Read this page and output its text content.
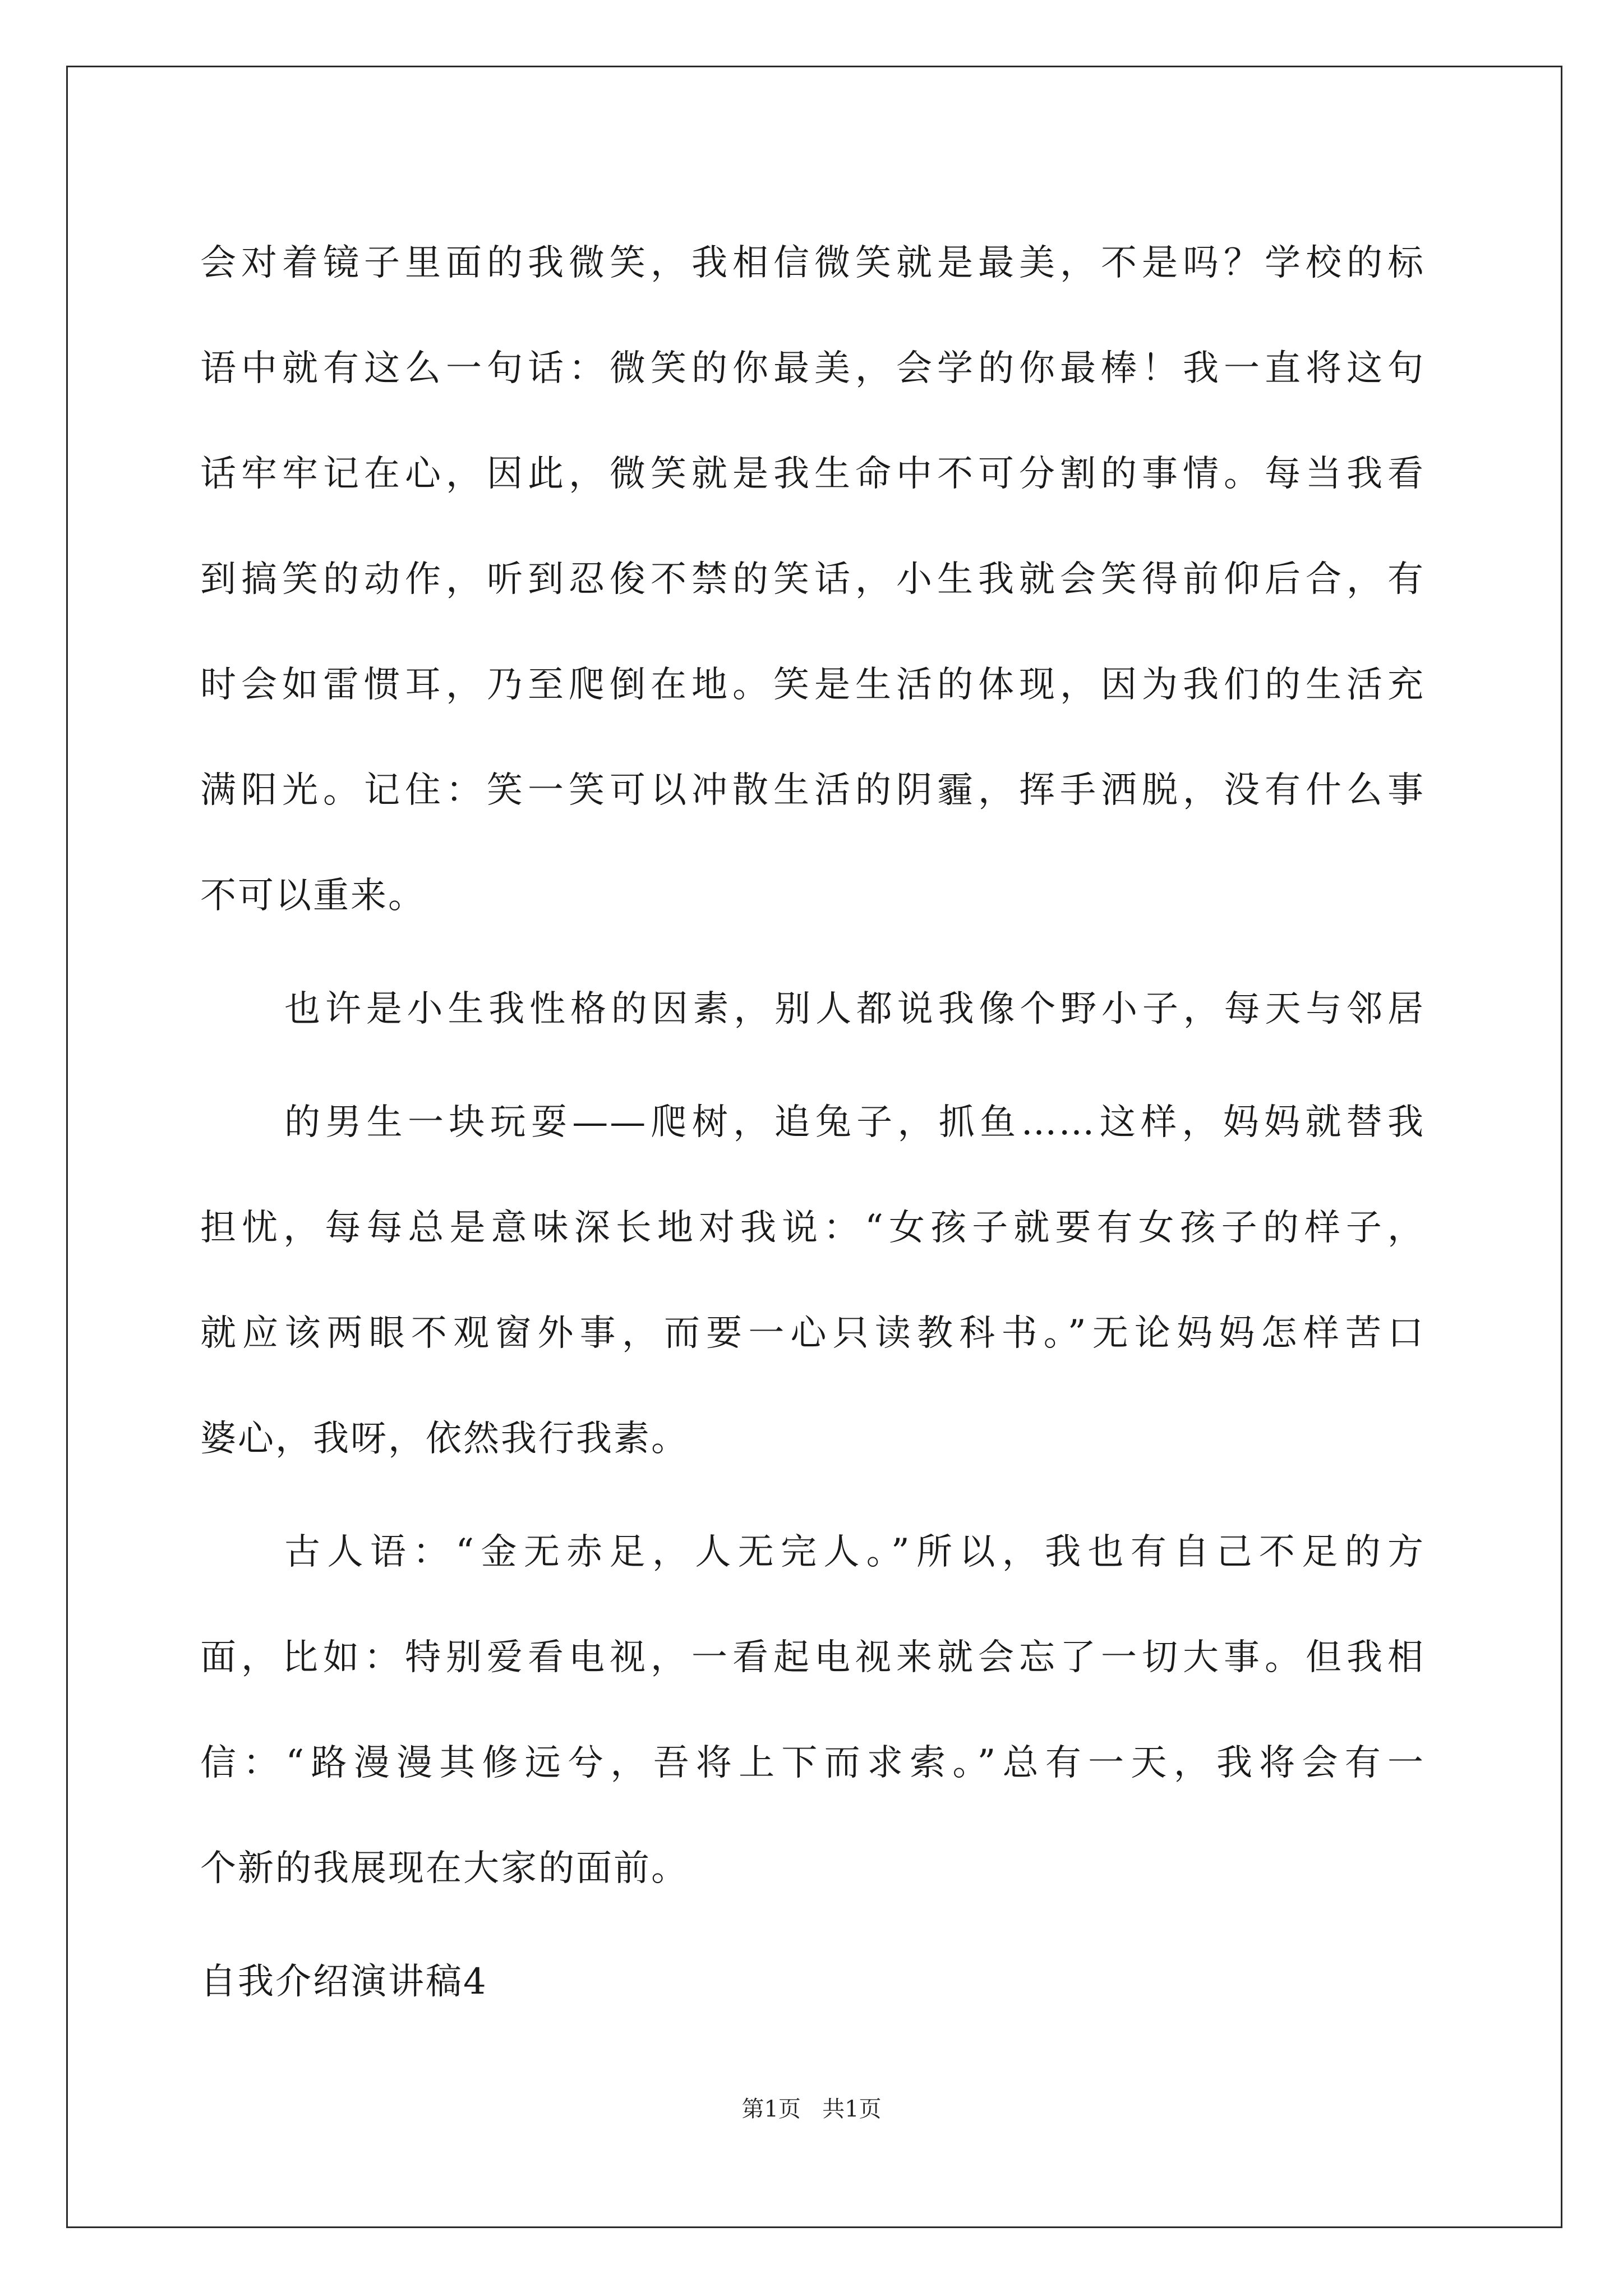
会对着镜子里面的我微笑，我相信微笑就是最美，不是吗？学校的标
语中就有这么一句话：微笑的你最美，会学的你最棒！我一直将这句
话牢牢记在心，因此，微笑就是我生命中不可分割的事情。每当我看
到搞笑的动作，听到忍俊不禁的笑话，小生我就会笑得前仰后合，有
时会如雷惯耳，乃至爬倒在地。笑是生活的体现，因为我们的生活充
满阳光。记住：笑一笑可以冲散生活的阴霾，挥手洒脱，没有什么事
不可以重来。
也许是小生我性格的因素，别人都说我像个野小子，每天与邻居
的男生一块玩耍——爬树，追兔子，抓鱼……这样，妈妈就替我
担忧，每每总是意味深长地对我说：“女孩子就要有女孩子的样子，
就应该两眼不观窗外事，而要一心只读教科书。”无论妈妈怎样苦口
婆心，我呀，依然我行我素。
古人语：“金无赤足，人无完人。”所以，我也有自己不足的方
面，比如：特别爱看电视，一看起电视来就会忘了一切大事。但我相
信：“路漫漫其修远兮，吾将上下而求索。”总有一天，我将会有一
个新的我展现在大家的面前。
自我介绍演讲稿4
第1页 共1页
